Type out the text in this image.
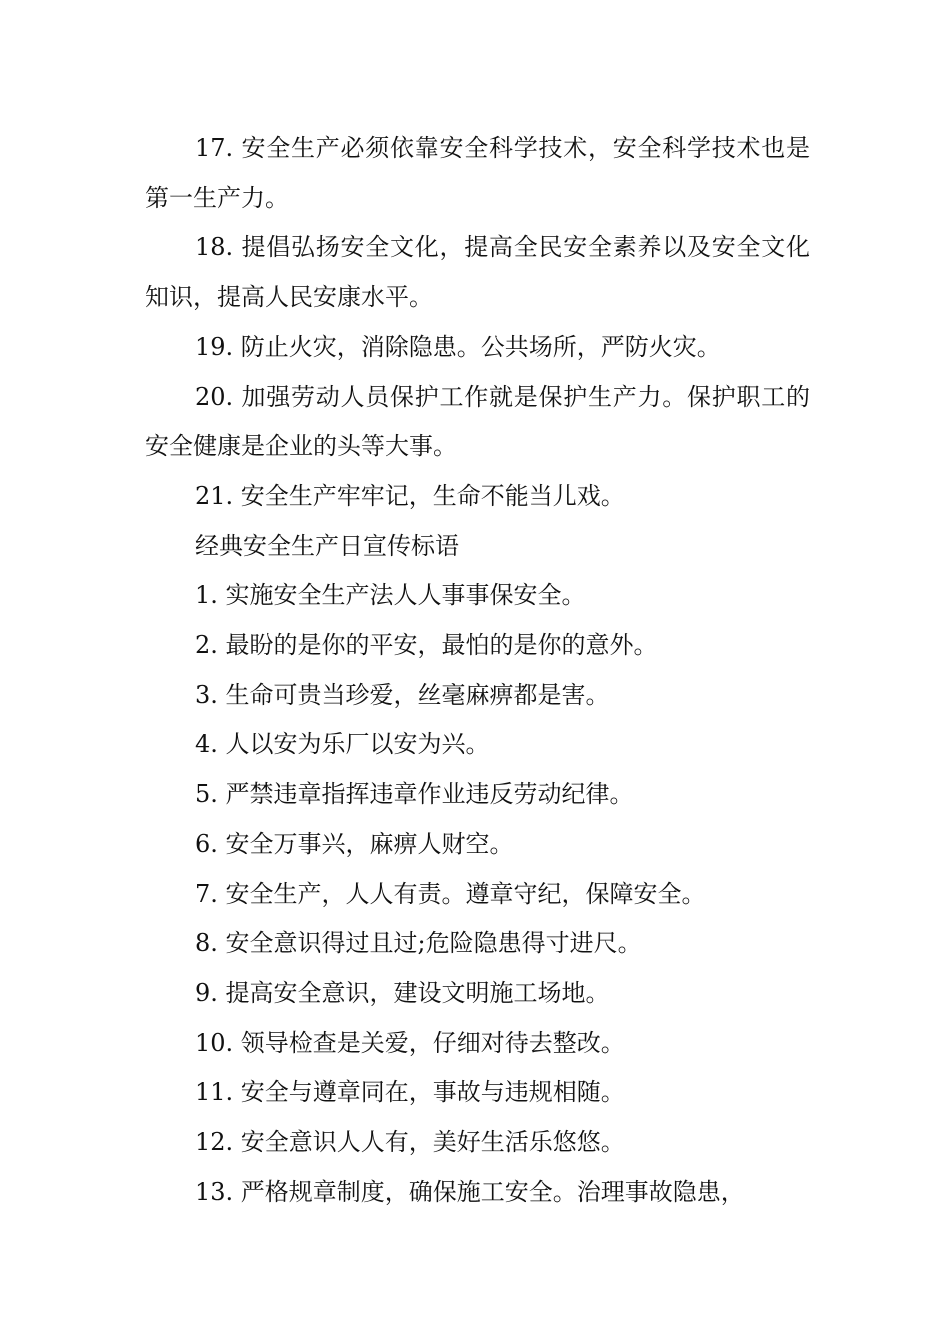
17. 安全生产必须依靠安全科学技术，安全科学技术也是第一生产力。

18. 提倡弘扬安全文化，提高全民安全素养以及安全文化知识，提高人民安康水平。

19. 防止火灾，消除隐患。公共场所，严防火灾。

20. 加强劳动人员保护工作就是保护生产力。保护职工的安全健康是企业的头等大事。

21. 安全生产牢牢记，生命不能当儿戏。

经典安全生产日宣传标语

1. 实施安全生产法人人事事保安全。

2. 最盼的是你的平安，最怕的是你的意外。

3. 生命可贵当珍爱，丝毫麻痹都是害。

4. 人以安为乐厂以安为兴。

5. 严禁违章指挥违章作业违反劳动纪律。

6. 安全万事兴，麻痹人财空。

7. 安全生产，人人有责。遵章守纪，保障安全。

8. 安全意识得过且过;危险隐患得寸进尺。

9. 提高安全意识，建设文明施工场地。

10. 领导检查是关爱，仔细对待去整改。

11. 安全与遵章同在，事故与违规相随。

12. 安全意识人人有，美好生活乐悠悠。

13. 严格规章制度，确保施工安全。治理事故隐患，
